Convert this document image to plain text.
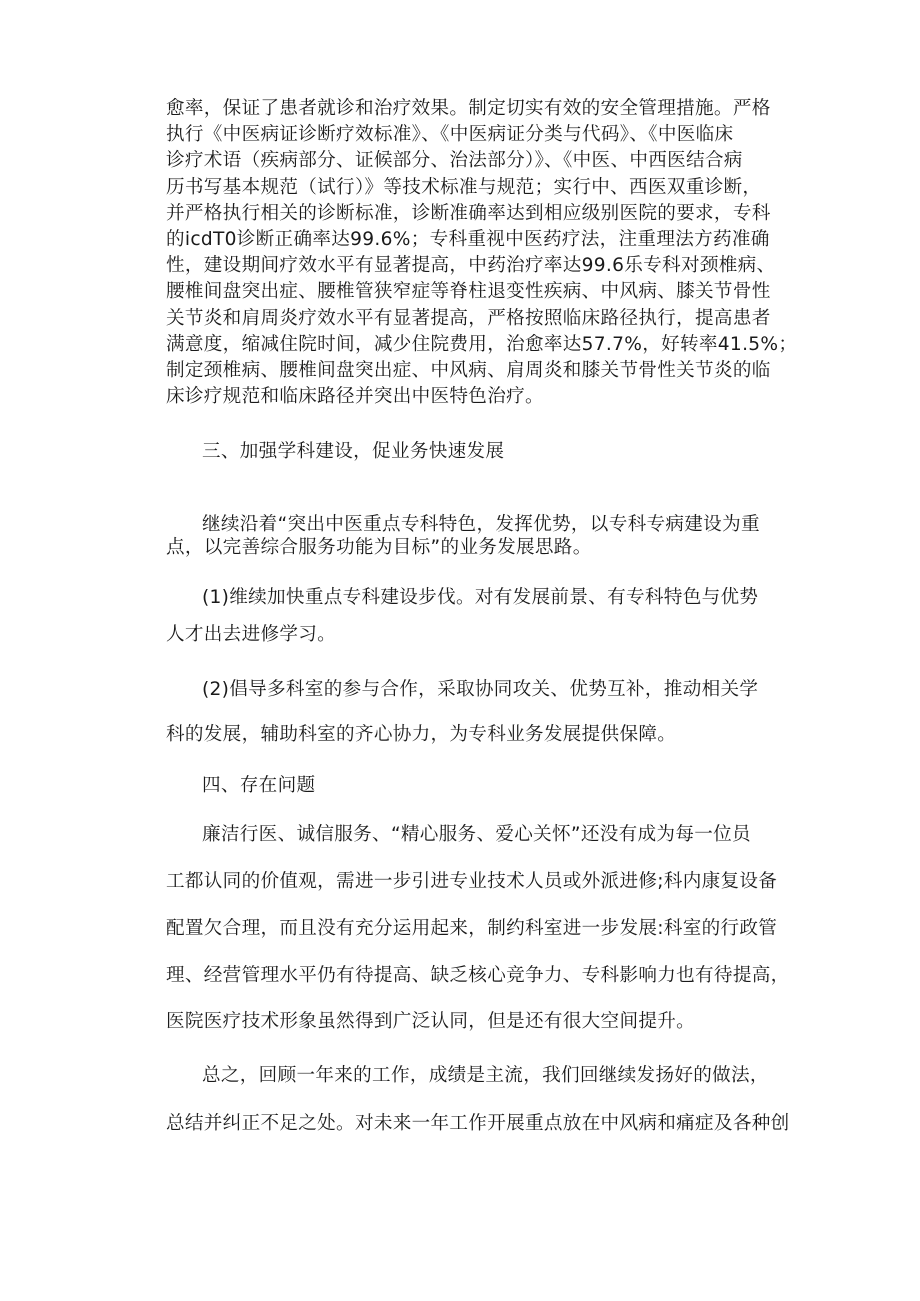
愈率，保证了患者就诊和治疗效果。制定切实有效的安全管理措施。严格
执行《中医病证诊断疗效标准》、《中医病证分类与代码》、《中医临床
诊疗术语（疾病部分、证候部分、治法部分）》、《中医、中西医结合病
历书写基本规范（试行）》等技术标准与规范；实行中、西医双重诊断，
并严格执行相关的诊断标准，诊断准确率达到相应级别医院的要求，专科
的icdT0诊断正确率达99.6%；专科重视中医药疗法，注重理法方药准确
性，建设期间疗效水平有显著提高，中药治疗率达99.6乐专科对颈椎病、
腰椎间盘突出症、腰椎管狭窄症等脊柱退变性疾病、中风病、膝关节骨性
关节炎和肩周炎疗效水平有显著提高，严格按照临床路径执行，提高患者
满意度，缩减住院时间，减少住院费用，治愈率达57.7%，好转率41.5%；
制定颈椎病、腰椎间盘突出症、中风病、肩周炎和膝关节骨性关节炎的临
床诊疗规范和临床路径并突出中医特色治疗。
三、加强学科建设，促业务快速发展
继续沿着“突出中医重点专科特色，发挥优势，以专科专病建设为重
点，以完善综合服务功能为目标”的业务发展思路。
(1)维续加快重点专科建设步伐。对有发展前景、有专科特色与优势
人才出去进修学习。
(2)倡导多科室的参与合作，采取协同攻关、优势互补，推动相关学
科的发展，辅助科室的齐心协力，为专科业务发展提供保障。
四、存在问题
廉洁行医、诚信服务、“精心服务、爱心关怀”还没有成为每一位员
工都认同的价值观，需进一步引进专业技术人员或外派进修;科内康复设备
配置欠合理，而且没有充分运用起来，制约科室进一步发展:科室的行政管
理、经营管理水平仍有待提高、缺乏核心竞争力、专科影响力也有待提高，
医院医疗技术形象虽然得到广泛认同，但是还有很大空间提升。
总之，回顾一年来的工作，成绩是主流，我们回继续发扬好的做法，
总结并纠正不足之处。对未来一年工作开展重点放在中风病和痛症及各种创
